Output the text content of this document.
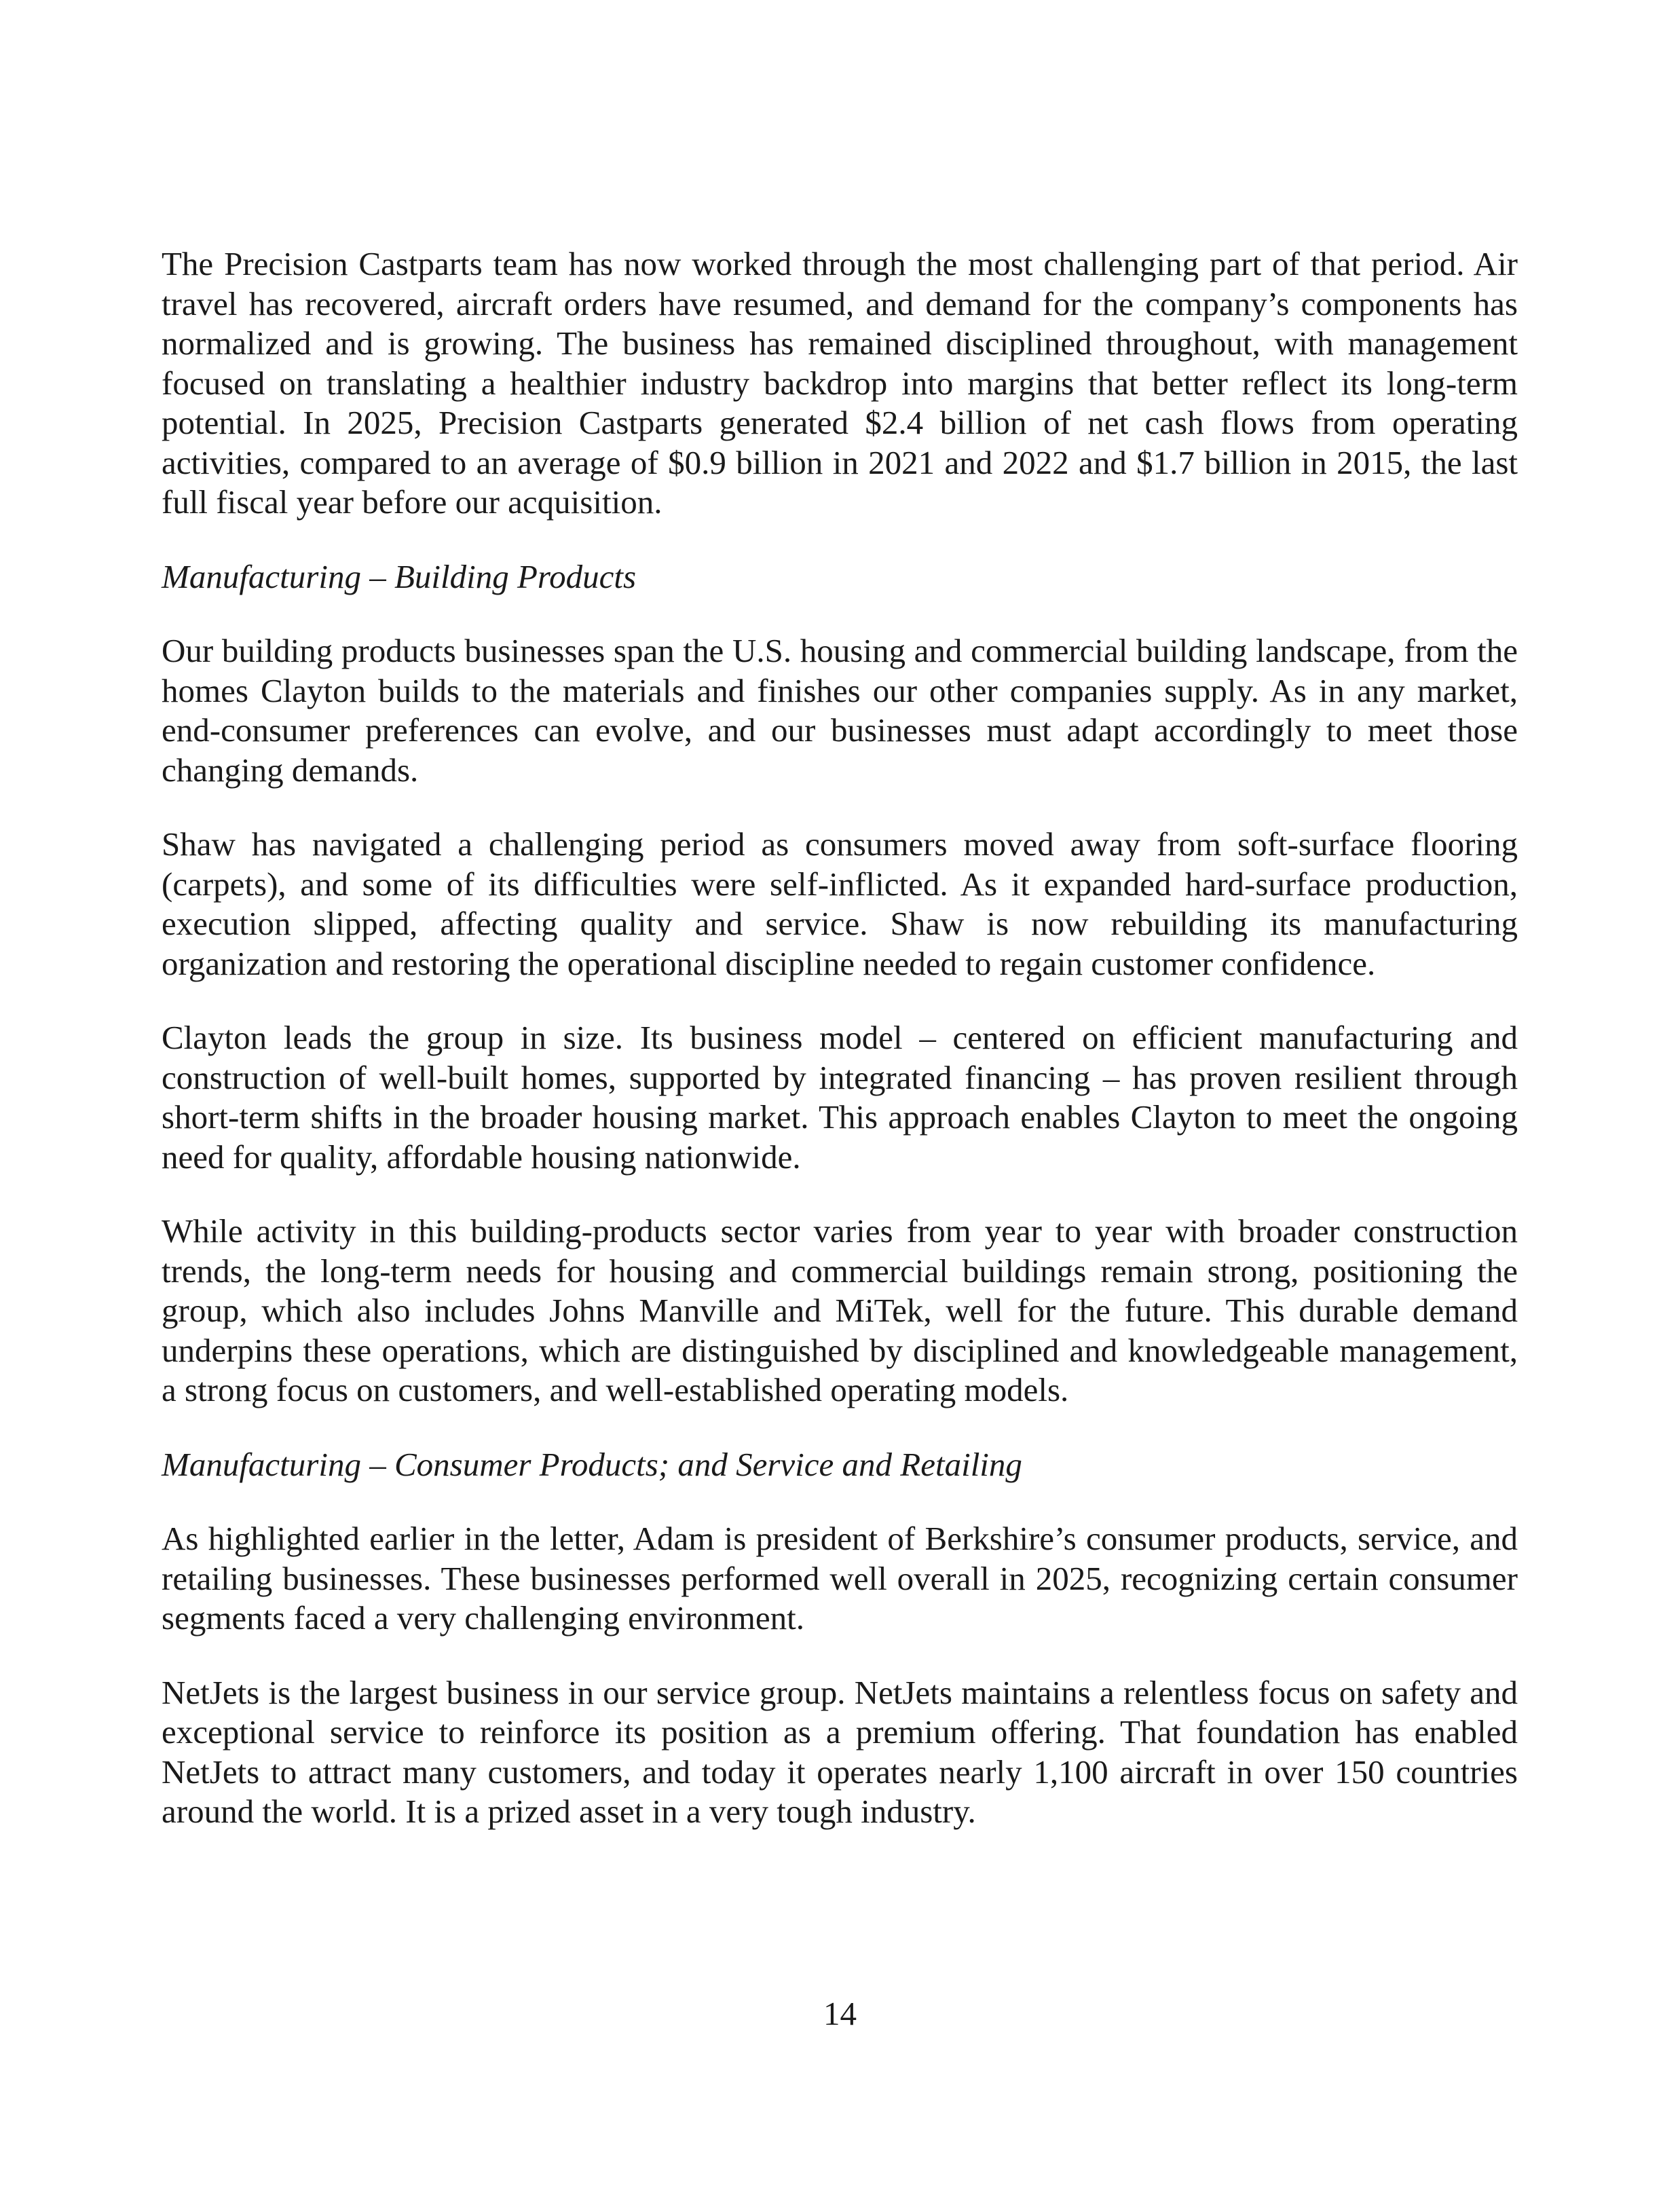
The Precision Castparts team has now worked through the most challenging part of that period. Air travel has recovered, aircraft orders have resumed, and demand for the company’s components has normalized and is growing. The business has remained disciplined throughout, with management focused on translating a healthier industry backdrop into margins that better reflect its long-term potential. In 2025, Precision Castparts generated $2.4 billion of net cash flows from operating activities, compared to an average of $0.9 billion in 2021 and 2022 and $1.7 billion in 2015, the last full fiscal year before our acquisition.

Manufacturing – Building Products

Our building products businesses span the U.S. housing and commercial building landscape, from the homes Clayton builds to the materials and finishes our other companies supply. As in any market, end-consumer preferences can evolve, and our businesses must adapt accordingly to meet those changing demands.

Shaw has navigated a challenging period as consumers moved away from soft-surface flooring (carpets), and some of its difficulties were self-inflicted. As it expanded hard-surface production, execution slipped, affecting quality and service. Shaw is now rebuilding its manufacturing organization and restoring the operational discipline needed to regain customer confidence.

Clayton leads the group in size. Its business model – centered on efficient manufacturing and construction of well-built homes, supported by integrated financing – has proven resilient through short-term shifts in the broader housing market. This approach enables Clayton to meet the ongoing need for quality, affordable housing nationwide.

While activity in this building-products sector varies from year to year with broader construction trends, the long-term needs for housing and commercial buildings remain strong, positioning the group, which also includes Johns Manville and MiTek, well for the future. This durable demand underpins these operations, which are distinguished by disciplined and knowledgeable management, a strong focus on customers, and well-established operating models.

Manufacturing – Consumer Products; and Service and Retailing

As highlighted earlier in the letter, Adam is president of Berkshire’s consumer products, service, and retailing businesses. These businesses performed well overall in 2025, recognizing certain consumer segments faced a very challenging environment.

NetJets is the largest business in our service group. NetJets maintains a relentless focus on safety and exceptional service to reinforce its position as a premium offering. That foundation has enabled NetJets to attract many customers, and today it operates nearly 1,100 aircraft in over 150 countries around the world. It is a prized asset in a very tough industry.

14
